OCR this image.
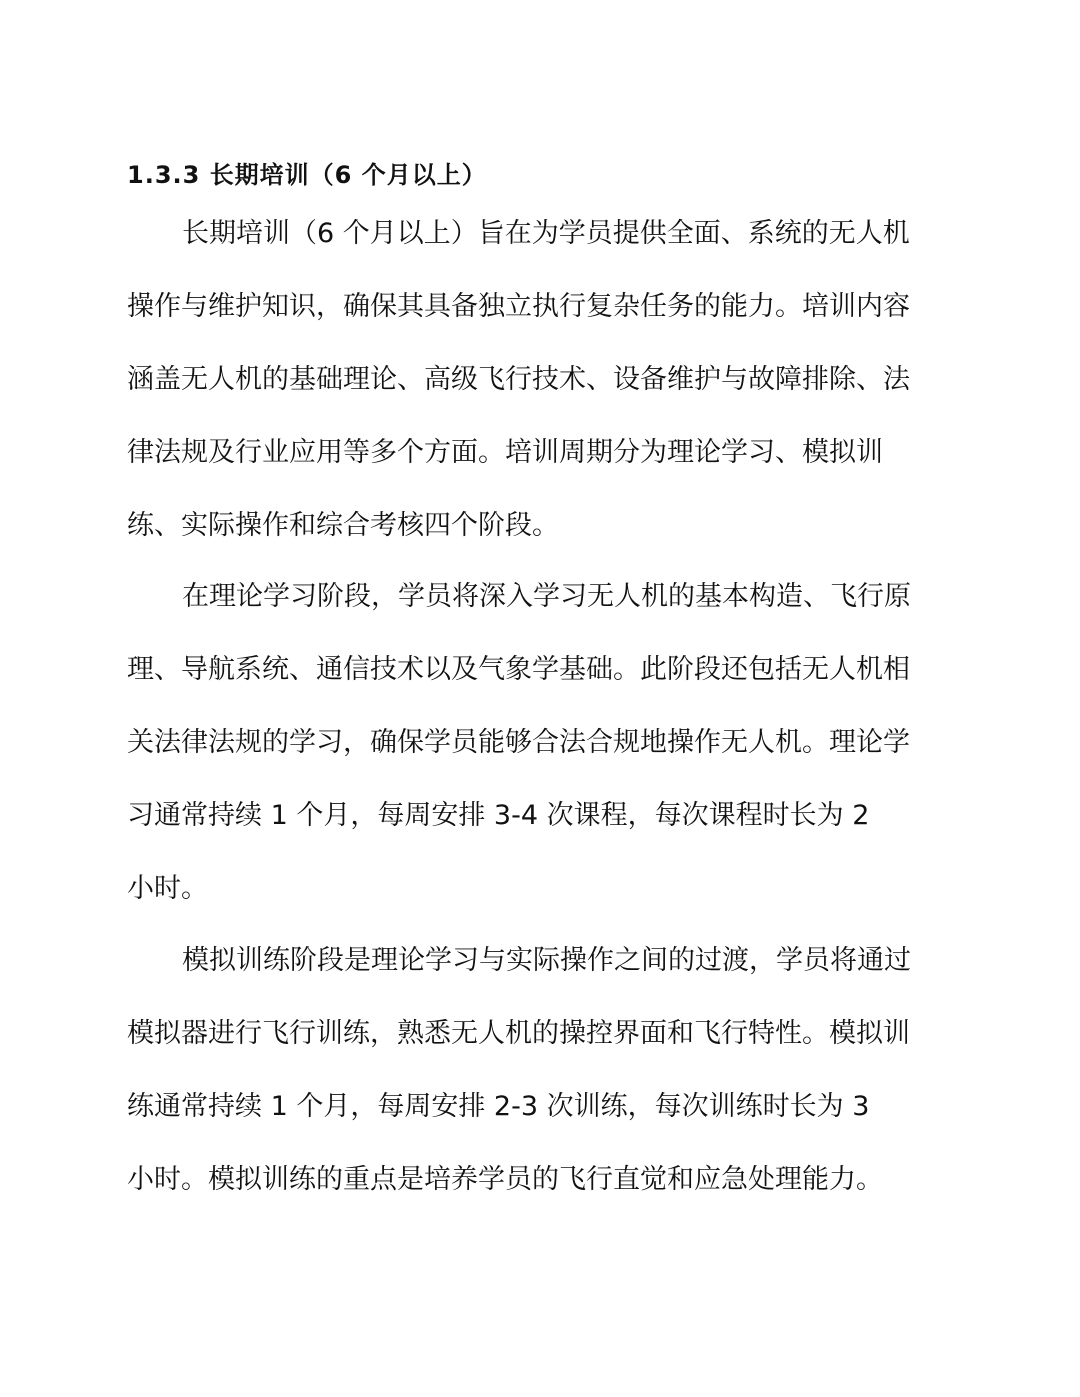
1.3.3 长期培训（6 个月以上）
长期培训（6 个月以上）旨在为学员提供全面、系统的无人机
操作与维护知识，确保其具备独立执行复杂任务的能力。培训内容
涵盖无人机的基础理论、高级飞行技术、设备维护与故障排除、法
律法规及行业应用等多个方面。培训周期分为理论学习、模拟训
练、实际操作和综合考核四个阶段。
在理论学习阶段，学员将深入学习无人机的基本构造、飞行原
理、导航系统、通信技术以及气象学基础。此阶段还包括无人机相
关法律法规的学习，确保学员能够合法合规地操作无人机。理论学
习通常持续 1 个月，每周安排 3-4 次课程，每次课程时长为 2
小时。
模拟训练阶段是理论学习与实际操作之间的过渡，学员将通过
模拟器进行飞行训练，熟悉无人机的操控界面和飞行特性。模拟训
练通常持续 1 个月，每周安排 2-3 次训练，每次训练时长为 3
小时。模拟训练的重点是培养学员的飞行直觉和应急处理能力。
